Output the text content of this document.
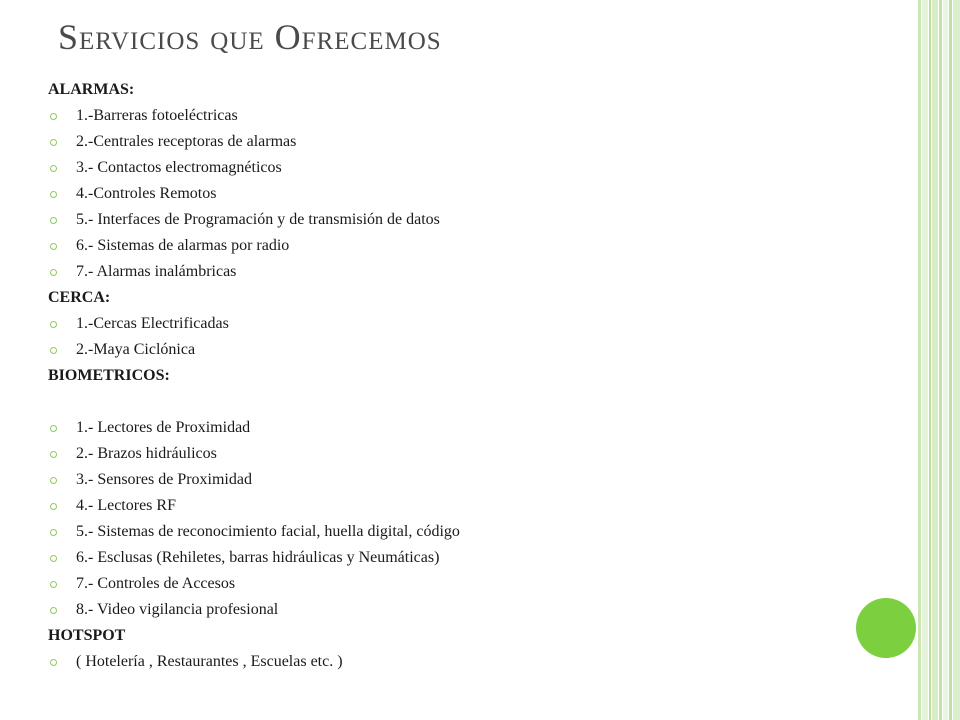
Servicios que Ofrecemos
ALARMAS:
1.-Barreras fotoeléctricas
2.-Centrales receptoras de alarmas
3.- Contactos electromagnéticos
4.-Controles Remotos
5.- Interfaces de Programación y de transmisión de datos
6.- Sistemas de alarmas por radio
7.- Alarmas inalámbricas
CERCA:
1.-Cercas Electrificadas
2.-Maya Ciclónica
BIOMETRICOS:
1.- Lectores de Proximidad
2.- Brazos hidráulicos
3.- Sensores de Proximidad
4.- Lectores RF
5.- Sistemas de reconocimiento facial, huella digital, código
6.- Esclusas (Rehiletes, barras hidráulicas y Neumáticas)
7.- Controles de Accesos
8.- Video vigilancia profesional
HOTSPOT
( Hotelería , Restaurantes , Escuelas etc. )
